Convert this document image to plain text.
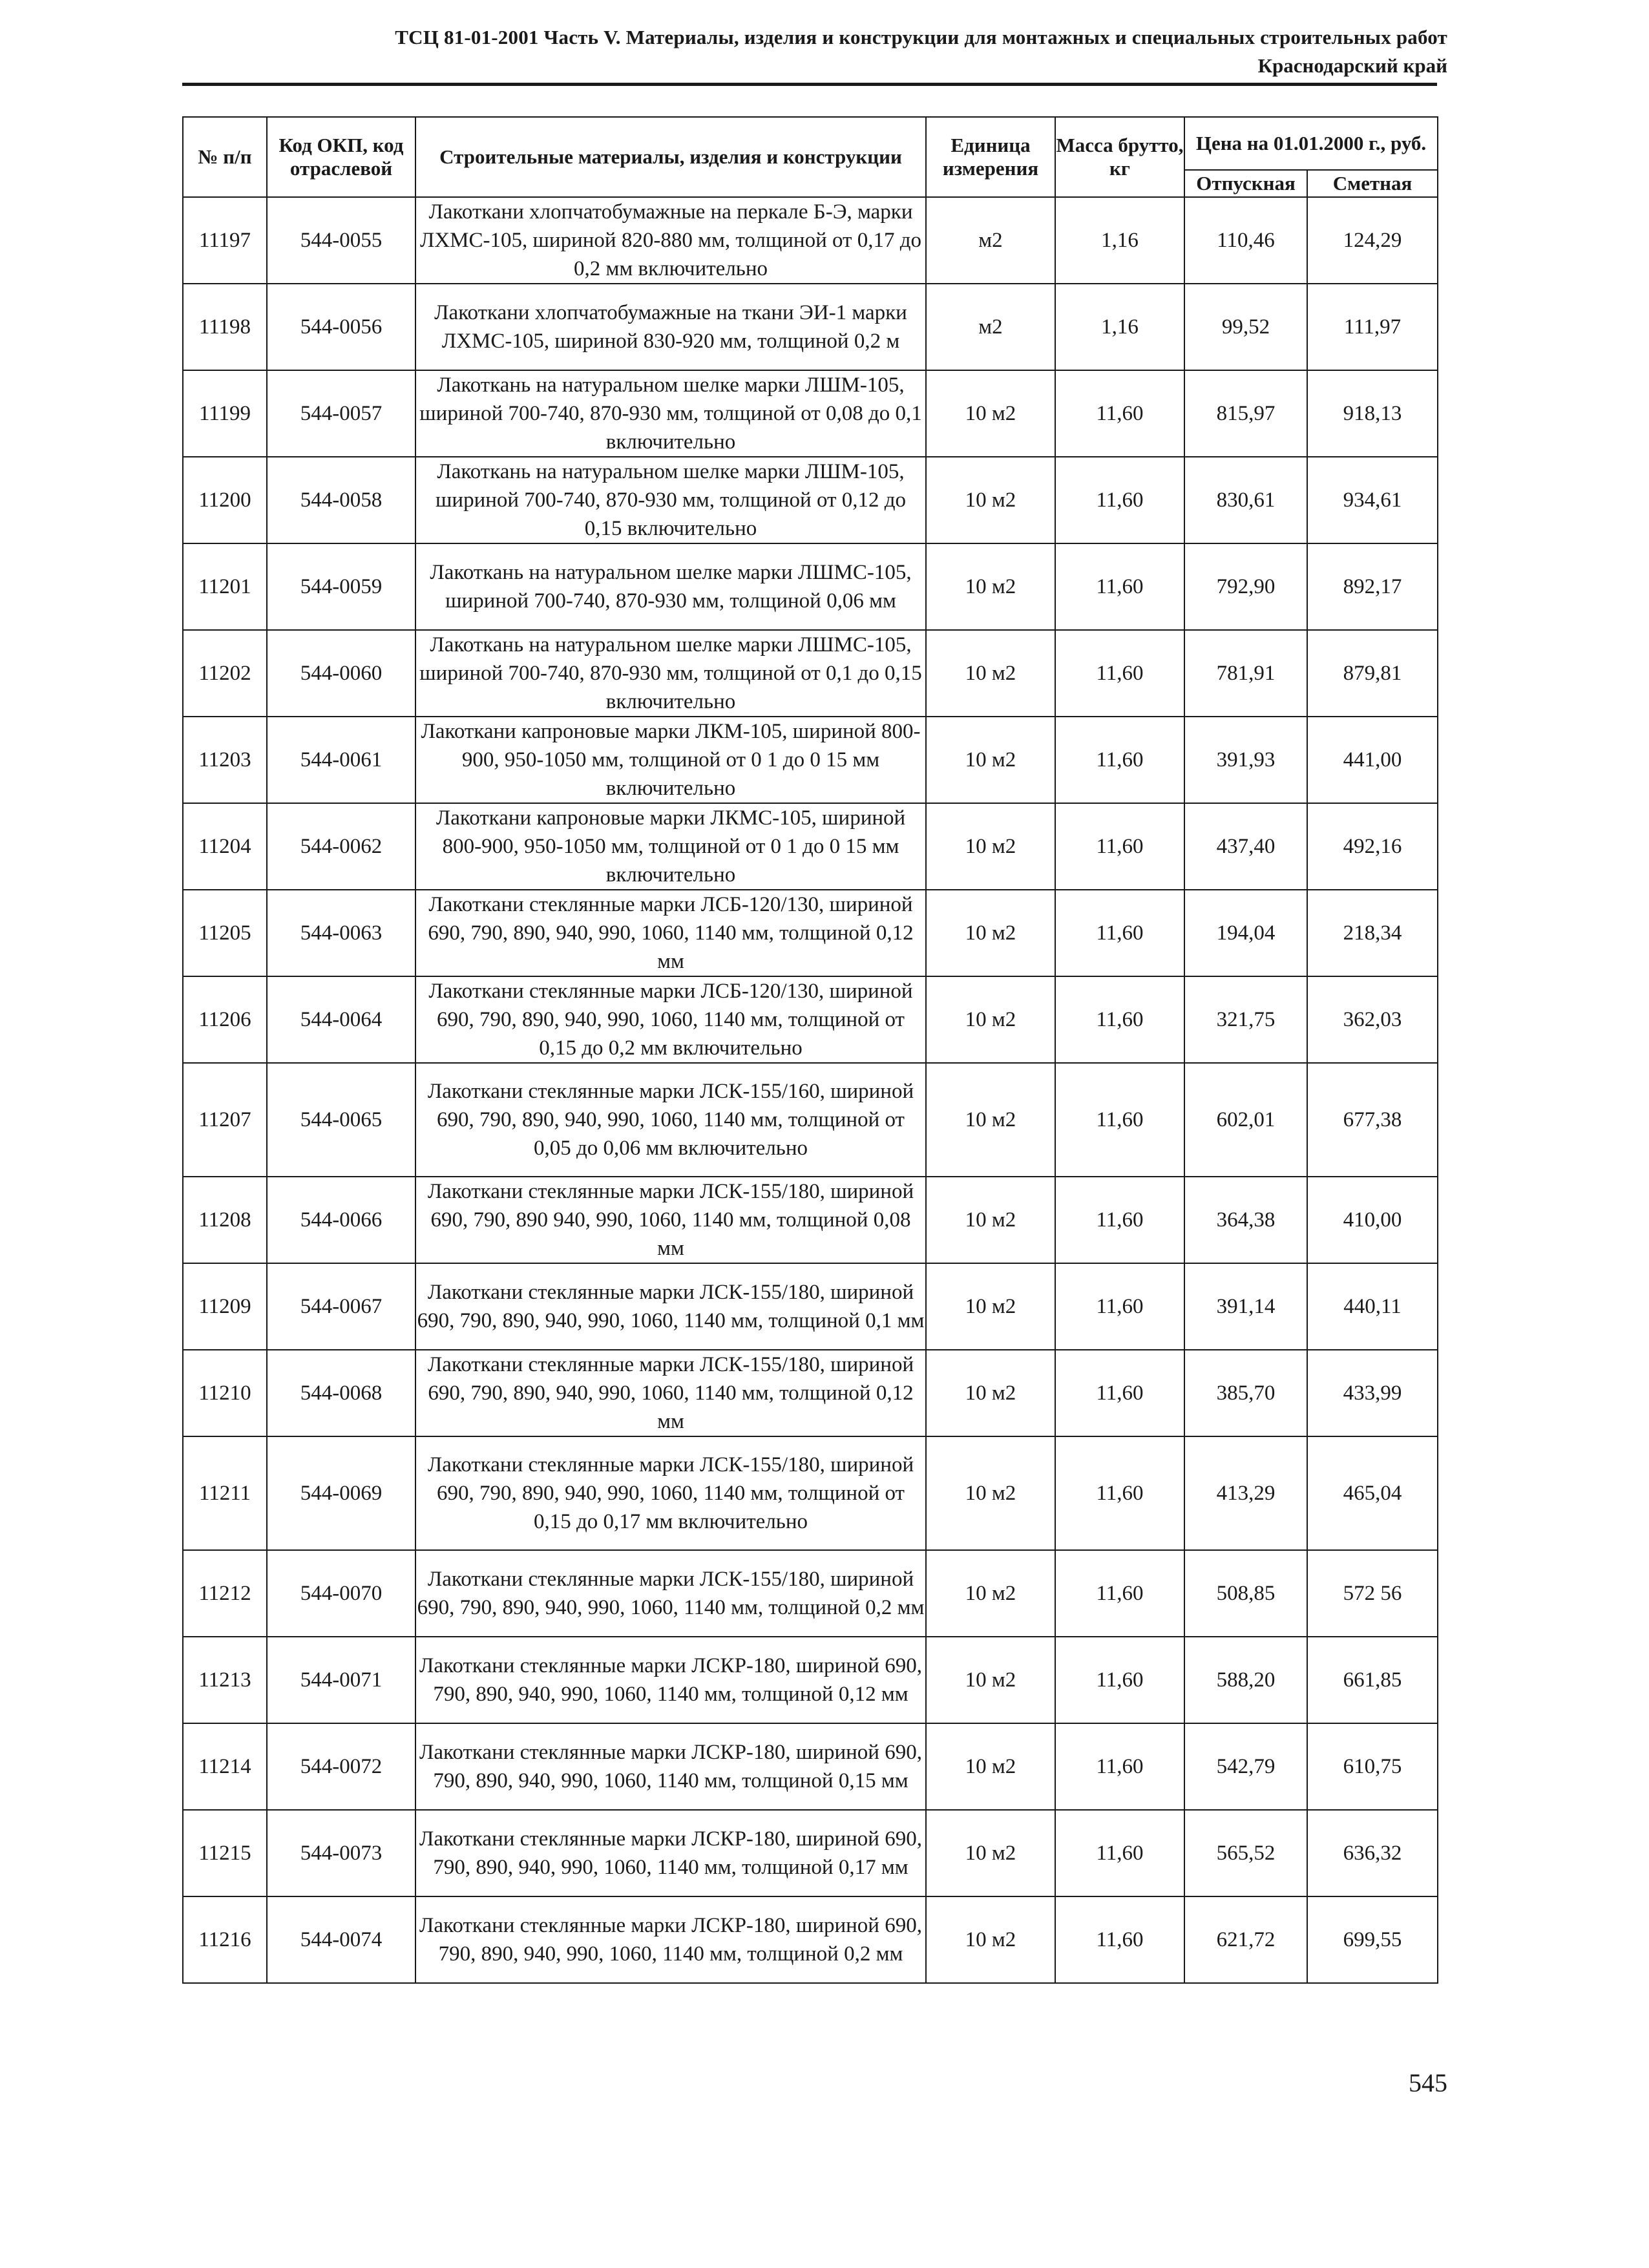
ТСЦ 81-01-2001 Часть V. Материалы, изделия и конструкции для монтажных и специальных строительных работ
Краснодарский край
№ п/п	Код ОКП, код отраслевой	Строительные материалы, изделия и конструкции	Единица измерения	Масса брутто, кг	Цена на 01.01.2000 г., руб.	
					Отпускная	Сметная
11197	544-0055	Лакоткани хлопчатобумажные на перкале Б-Э, марки ЛХМС-105, шириной 820-880 мм, толщиной от 0,17 до 0,2 мм включительно	м2	1,16	110,46	124,29
11198	544-0056	Лакоткани хлопчатобумажные на ткани ЭИ-1 марки ЛХМС-105, шириной 830-920 мм, толщиной 0,2 м	м2	1,16	99,52	111,97
11199	544-0057	Лакоткань на натуральном шелке марки ЛШМ-105, шириной 700-740, 870-930 мм, толщиной от 0,08 до 0,1 включительно	10 м2	11,60	815,97	918,13
11200	544-0058	Лакоткань на натуральном шелке марки ЛШМ-105, шириной 700-740, 870-930 мм, толщиной от 0,12 до 0,15 включительно	10 м2	11,60	830,61	934,61
11201	544-0059	Лакоткань на натуральном шелке марки ЛШМС-105, шириной 700-740, 870-930 мм, толщиной 0,06 мм	10 м2	11,60	792,90	892,17
11202	544-0060	Лакоткань на натуральном шелке марки ЛШМС-105, шириной 700-740, 870-930 мм, толщиной от 0,1 до 0,15 включительно	10 м2	11,60	781,91	879,81
11203	544-0061	Лакоткани капроновые марки ЛКМ-105, шириной 800-900, 950-1050 мм, толщиной от 0 1 до 0 15 мм включительно	10 м2	11,60	391,93	441,00
11204	544-0062	Лакоткани капроновые марки ЛКМС-105, шириной 800-900, 950-1050 мм, толщиной от 0 1 до 0 15 мм включительно	10 м2	11,60	437,40	492,16
11205	544-0063	Лакоткани стеклянные марки ЛСБ-120/130, шириной 690, 790, 890, 940, 990, 1060, 1140 мм, толщиной 0,12 мм	10 м2	11,60	194,04	218,34
11206	544-0064	Лакоткани стеклянные марки ЛСБ-120/130, шириной 690, 790, 890, 940, 990, 1060, 1140 мм, толщиной от 0,15 до 0,2 мм включительно	10 м2	11,60	321,75	362,03
11207	544-0065	Лакоткани стеклянные марки ЛСК-155/160, шириной 690, 790, 890, 940, 990, 1060, 1140 мм, толщиной от 0,05 до 0,06 мм включительно	10 м2	11,60	602,01	677,38
11208	544-0066	Лакоткани стеклянные марки ЛСК-155/180, шириной 690, 790, 890 940, 990, 1060, 1140 мм, толщиной 0,08 мм	10 м2	11,60	364,38	410,00
11209	544-0067	Лакоткани стеклянные марки ЛСК-155/180, шириной 690, 790, 890, 940, 990, 1060, 1140 мм, толщиной 0,1 мм	10 м2	11,60	391,14	440,11
11210	544-0068	Лакоткани стеклянные марки ЛСК-155/180, шириной 690, 790, 890, 940, 990, 1060, 1140 мм, толщиной 0,12 мм	10 м2	11,60	385,70	433,99
11211	544-0069	Лакоткани стеклянные марки ЛСК-155/180, шириной 690, 790, 890, 940, 990, 1060, 1140 мм, толщиной от 0,15 до 0,17 мм включительно	10 м2	11,60	413,29	465,04
11212	544-0070	Лакоткани стеклянные марки ЛСК-155/180, шириной 690, 790, 890, 940, 990, 1060, 1140 мм, толщиной 0,2 мм	10 м2	11,60	508,85	572 56
11213	544-0071	Лакоткани стеклянные марки ЛСКР-180, шириной 690, 790, 890, 940, 990, 1060, 1140 мм, толщиной 0,12 мм	10 м2	11,60	588,20	661,85
11214	544-0072	Лакоткани стеклянные марки ЛСКР-180, шириной 690, 790, 890, 940, 990, 1060, 1140 мм, толщиной 0,15 мм	10 м2	11,60	542,79	610,75
11215	544-0073	Лакоткани стеклянные марки ЛСКР-180, шириной 690, 790, 890, 940, 990, 1060, 1140 мм, толщиной 0,17 мм	10 м2	11,60	565,52	636,32
11216	544-0074	Лакоткани стеклянные марки ЛСКР-180, шириной 690, 790, 890, 940, 990, 1060, 1140 мм, толщиной 0,2 мм	10 м2	11,60	621,72	699,55
545
